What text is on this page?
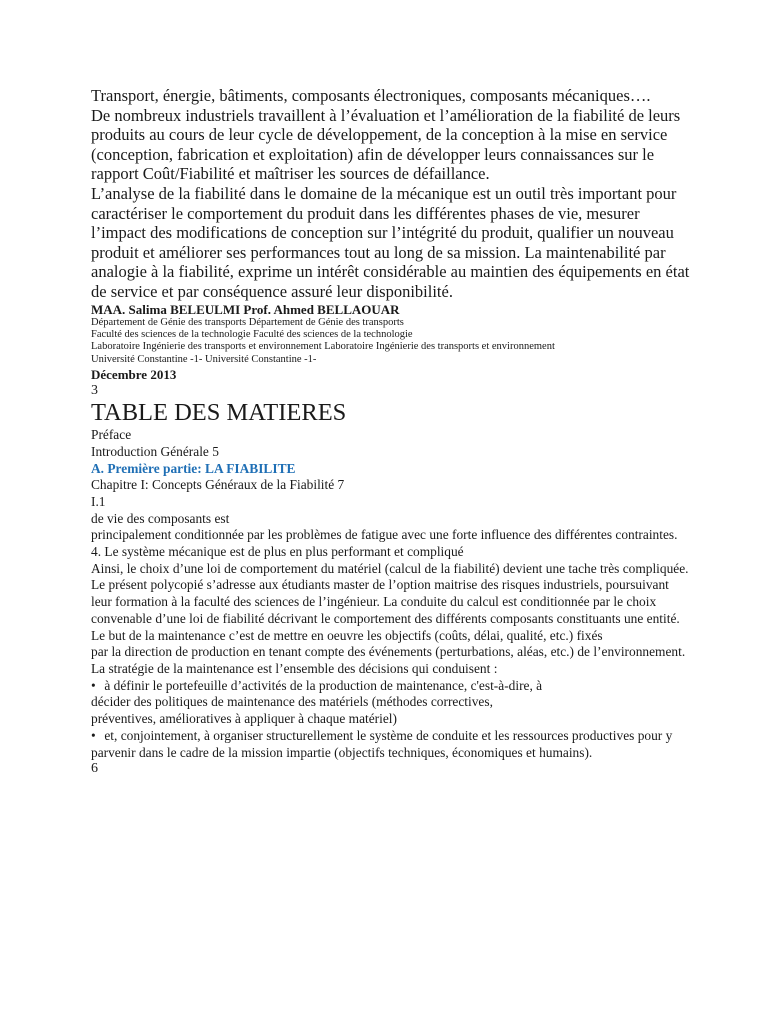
Transport, énergie, bâtiments, composants électroniques, composants mécaniques….

De nombreux industriels travaillent à l’évaluation et l’amélioration de la fiabilité de leurs produits au cours de leur cycle de développement, de la conception à la mise en service (conception, fabrication et exploitation) afin de développer leurs connaissances sur le rapport Coût/Fiabilité et maîtriser les sources de défaillance.

L’analyse de la fiabilité dans le domaine de la mécanique est un outil très important pour caractériser le comportement du produit dans les différentes phases de vie, mesurer l’impact des modifications de conception sur l’intégrité du produit, qualifier un nouveau produit et améliorer ses performances tout au long de sa mission. La maintenabilité par analogie à la fiabilité, exprime un intérêt considérable au maintien des équipements en état de service et par conséquence assuré leur disponibilité.

MAA. Salima BELEULMI Prof. Ahmed BELLAOUAR

Département de Génie des transports Département de Génie des transports

Faculté des sciences de la technologie Faculté des sciences de la technologie

Laboratoire Ingénierie des transports et environnement Laboratoire Ingénierie des transports et environnement

Université Constantine -1- Université Constantine -1-

Décembre 2013
3
TABLE DES MATIERES

Préface

Introduction Générale 5

A. Première partie: LA FIABILITE

Chapitre I: Concepts Généraux de la Fiabilité 7

I.1

de vie des composants est

principalement conditionnée par les problèmes de fatigue avec une forte influence des différentes contraintes.

4. Le système mécanique est de plus en plus performant et compliqué

Ainsi, le choix d’une loi de comportement du matériel (calcul de la fiabilité) devient une tache très compliquée. Le présent polycopié s’adresse aux étudiants master de l’option maitrise des risques industriels, poursuivant leur formation à la faculté des sciences de l’ingénieur. La conduite du calcul est conditionnée par le choix convenable d’une loi de fiabilité décrivant le comportement des différents composants constituants une entité.

Le but de la maintenance c’est de mettre en oeuvre les objectifs (coûts, délai, qualité, etc.) fixés

par la direction de production en tenant compte des événements (perturbations, aléas, etc.) de l’environnement.

La stratégie de la maintenance est l’ensemble des décisions qui conduisent :

• à définir le portefeuille d’activités de la production de maintenance, c'est-à-dire, à

décider des politiques de maintenance des matériels (méthodes correctives,

préventives, amélioratives à appliquer à chaque matériel)

• et, conjointement, à organiser structurellement le système de conduite et les ressources productives pour y parvenir dans le cadre de la mission impartie (objectifs techniques, économiques et humains).

6
